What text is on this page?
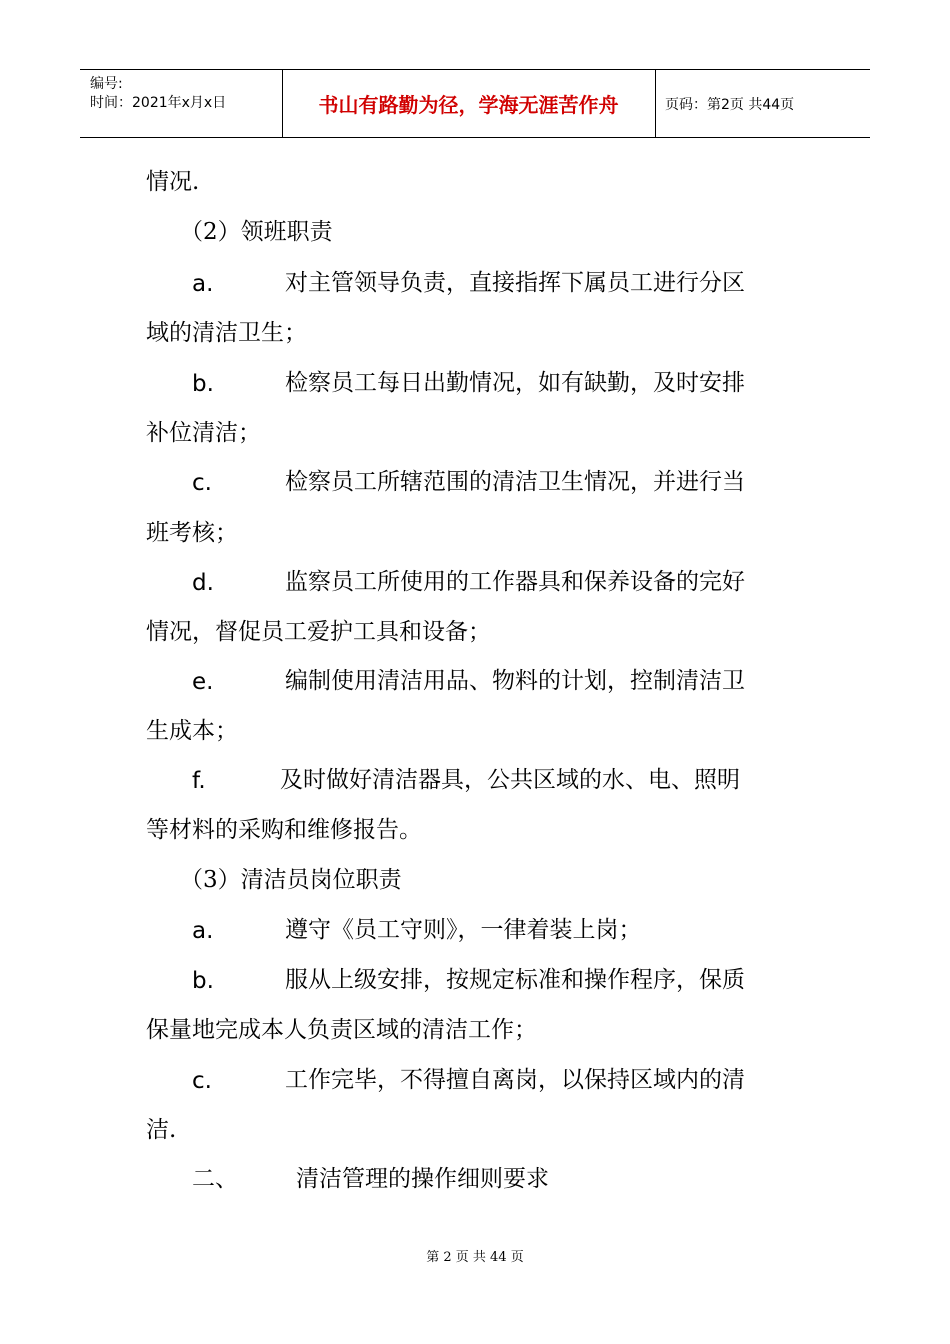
编号:
时间：2021年x月x日	书山有路勤为径，学海无涯苦作舟	页码：第2页 共44页
情况.
（2）领班职责
a.	对主管领导负责，直接指挥下属员工进行分区
域的清洁卫生；
b.	检察员工每日出勤情况，如有缺勤，及时安排
补位清洁；
c.	检察员工所辖范围的清洁卫生情况，并进行当
班考核；
d.	监察员工所使用的工作器具和保养设备的完好
情况，督促员工爱护工具和设备；
e.	编制使用清洁用品、物料的计划，控制清洁卫
生成本；
f.	及时做好清洁器具，公共区域的水、电、照明
等材料的采购和维修报告。
（3）清洁员岗位职责
a.	遵守《员工守则》，一律着装上岗；
b.	服从上级安排，按规定标准和操作程序，保质
保量地完成本人负责区域的清洁工作；
c.	工作完毕，不得擅自离岗，以保持区域内的清
洁.
二、	清洁管理的操作细则要求
第 2 页 共 44 页
